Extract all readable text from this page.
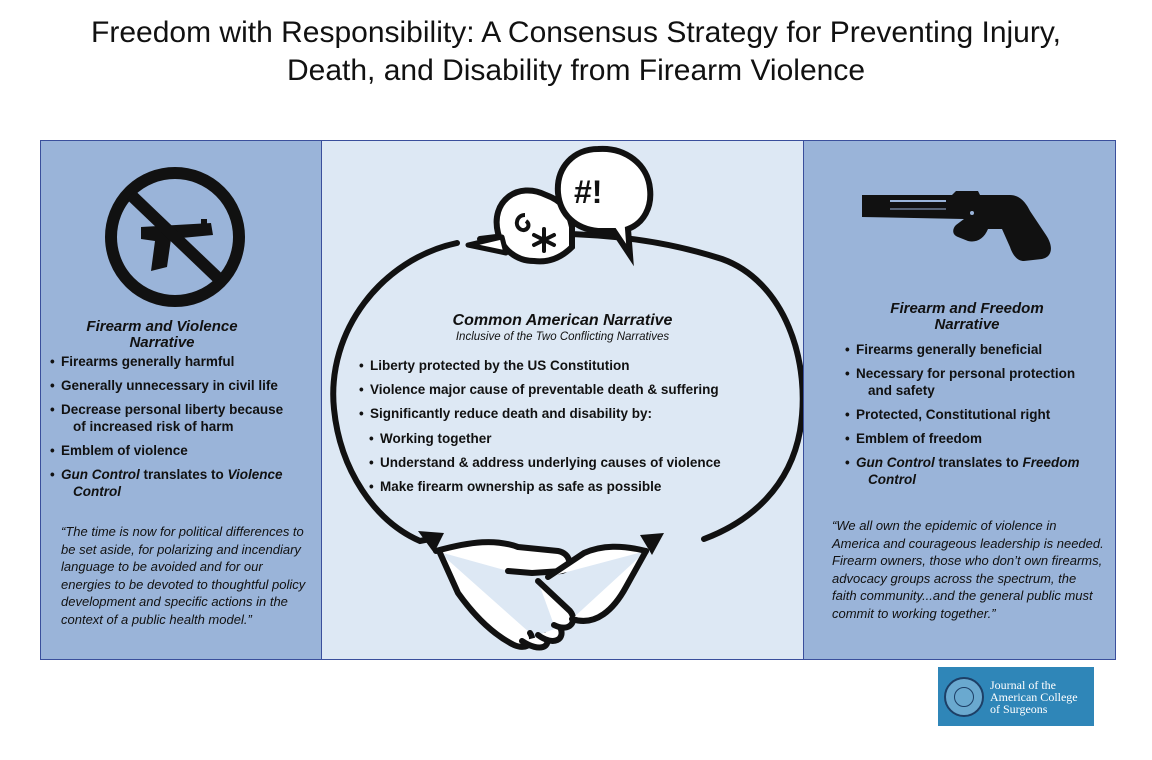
Freedom with Responsibility: A Consensus Strategy for Preventing Injury,
Death, and Disability from Firearm Violence
Firearm and Violence
Narrative
• Firearms generally harmful
• Generally unnecessary in civil life
• Decrease personal liberty because
of increased risk of harm
• Emblem of violence
• Gun Control translates to Violence
Control
“The time is now for political differences to be set aside, for polarizing and incendiary language to be avoided and for our energies to be devoted to thoughtful policy development and specific actions in the context of a public health model.”
#!
Common American Narrative
Inclusive of the Two Conflicting Narratives
• Liberty protected by the US Constitution
• Violence major cause of preventable death & suffering
• Significantly reduce death and disability by:
• Working together
• Understand & address underlying causes of violence
• Make firearm ownership as safe as possible
Firearm and Freedom
Narrative
• Firearms generally beneficial
• Necessary for personal protection
and safety
• Protected, Constitutional right
• Emblem of freedom
• Gun Control translates to Freedom
Control
“We all own the epidemic of violence in America and courageous leadership is needed. Firearm owners, those who don’t own firearms, advocacy groups across the spectrum, the faith community...and the general public must commit to working together.”
Journal of the
American College
of Surgeons
